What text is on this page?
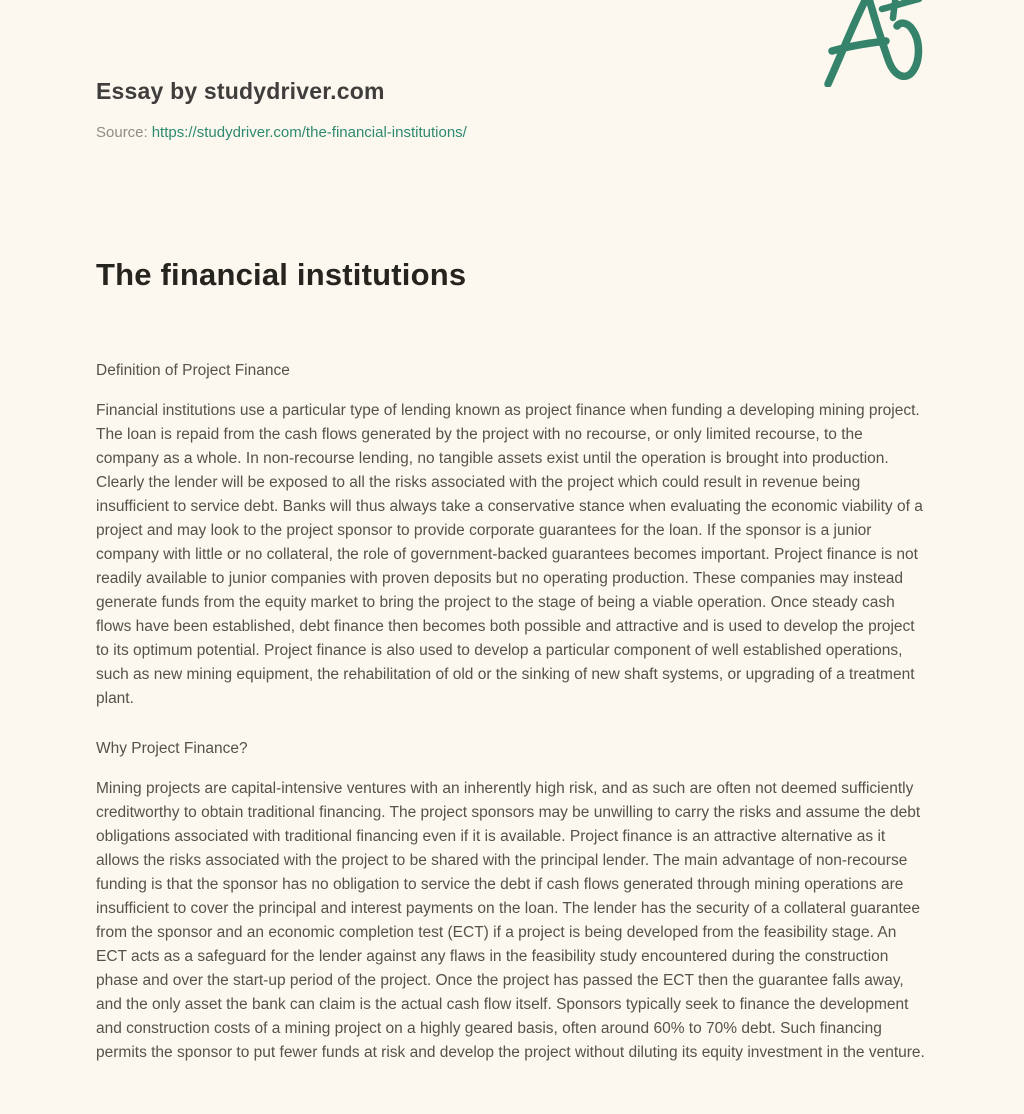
Essay by studydriver.com
Source: https://studydriver.com/the-financial-institutions/
The financial institutions

Definition of Project Finance

Financial institutions use a particular type of lending known as project finance when funding a developing mining project. The loan is repaid from the cash flows generated by the project with no recourse, or only limited recourse, to the company as a whole. In non-recourse lending, no tangible assets exist until the operation is brought into production. Clearly the lender will be exposed to all the risks associated with the project which could result in revenue being insufficient to service debt. Banks will thus always take a conservative stance when evaluating the economic viability of a project and may look to the project sponsor to provide corporate guarantees for the loan. If the sponsor is a junior company with little or no collateral, the role of government-backed guarantees becomes important. Project finance is not readily available to junior companies with proven deposits but no operating production. These companies may instead generate funds from the equity market to bring the project to the stage of being a viable operation. Once steady cash flows have been established, debt finance then becomes both possible and attractive and is used to develop the project to its optimum potential. Project finance is also used to develop a particular component of well established operations, such as new mining equipment, the rehabilitation of old or the sinking of new shaft systems, or upgrading of a treatment plant.

Why Project Finance?

Mining projects are capital-intensive ventures with an inherently high risk, and as such are often not deemed sufficiently creditworthy to obtain traditional financing. The project sponsors may be unwilling to carry the risks and assume the debt obligations associated with traditional financing even if it is available. Project finance is an attractive alternative as it allows the risks associated with the project to be shared with the principal lender. The main advantage of non-recourse funding is that the sponsor has no obligation to service the debt if cash flows generated through mining operations are insufficient to cover the principal and interest payments on the loan. The lender has the security of a collateral guarantee from the sponsor and an economic completion test (ECT) if a project is being developed from the feasibility stage. An ECT acts as a safeguard for the lender against any flaws in the feasibility study encountered during the construction phase and over the start-up period of the project. Once the project has passed the ECT then the guarantee falls away, and the only asset the bank can claim is the actual cash flow itself. Sponsors typically seek to finance the development and construction costs of a mining project on a highly geared basis, often around 60% to 70% debt. Such financing permits the sponsor to put fewer funds at risk and develop the project without diluting its equity investment in the venture.
